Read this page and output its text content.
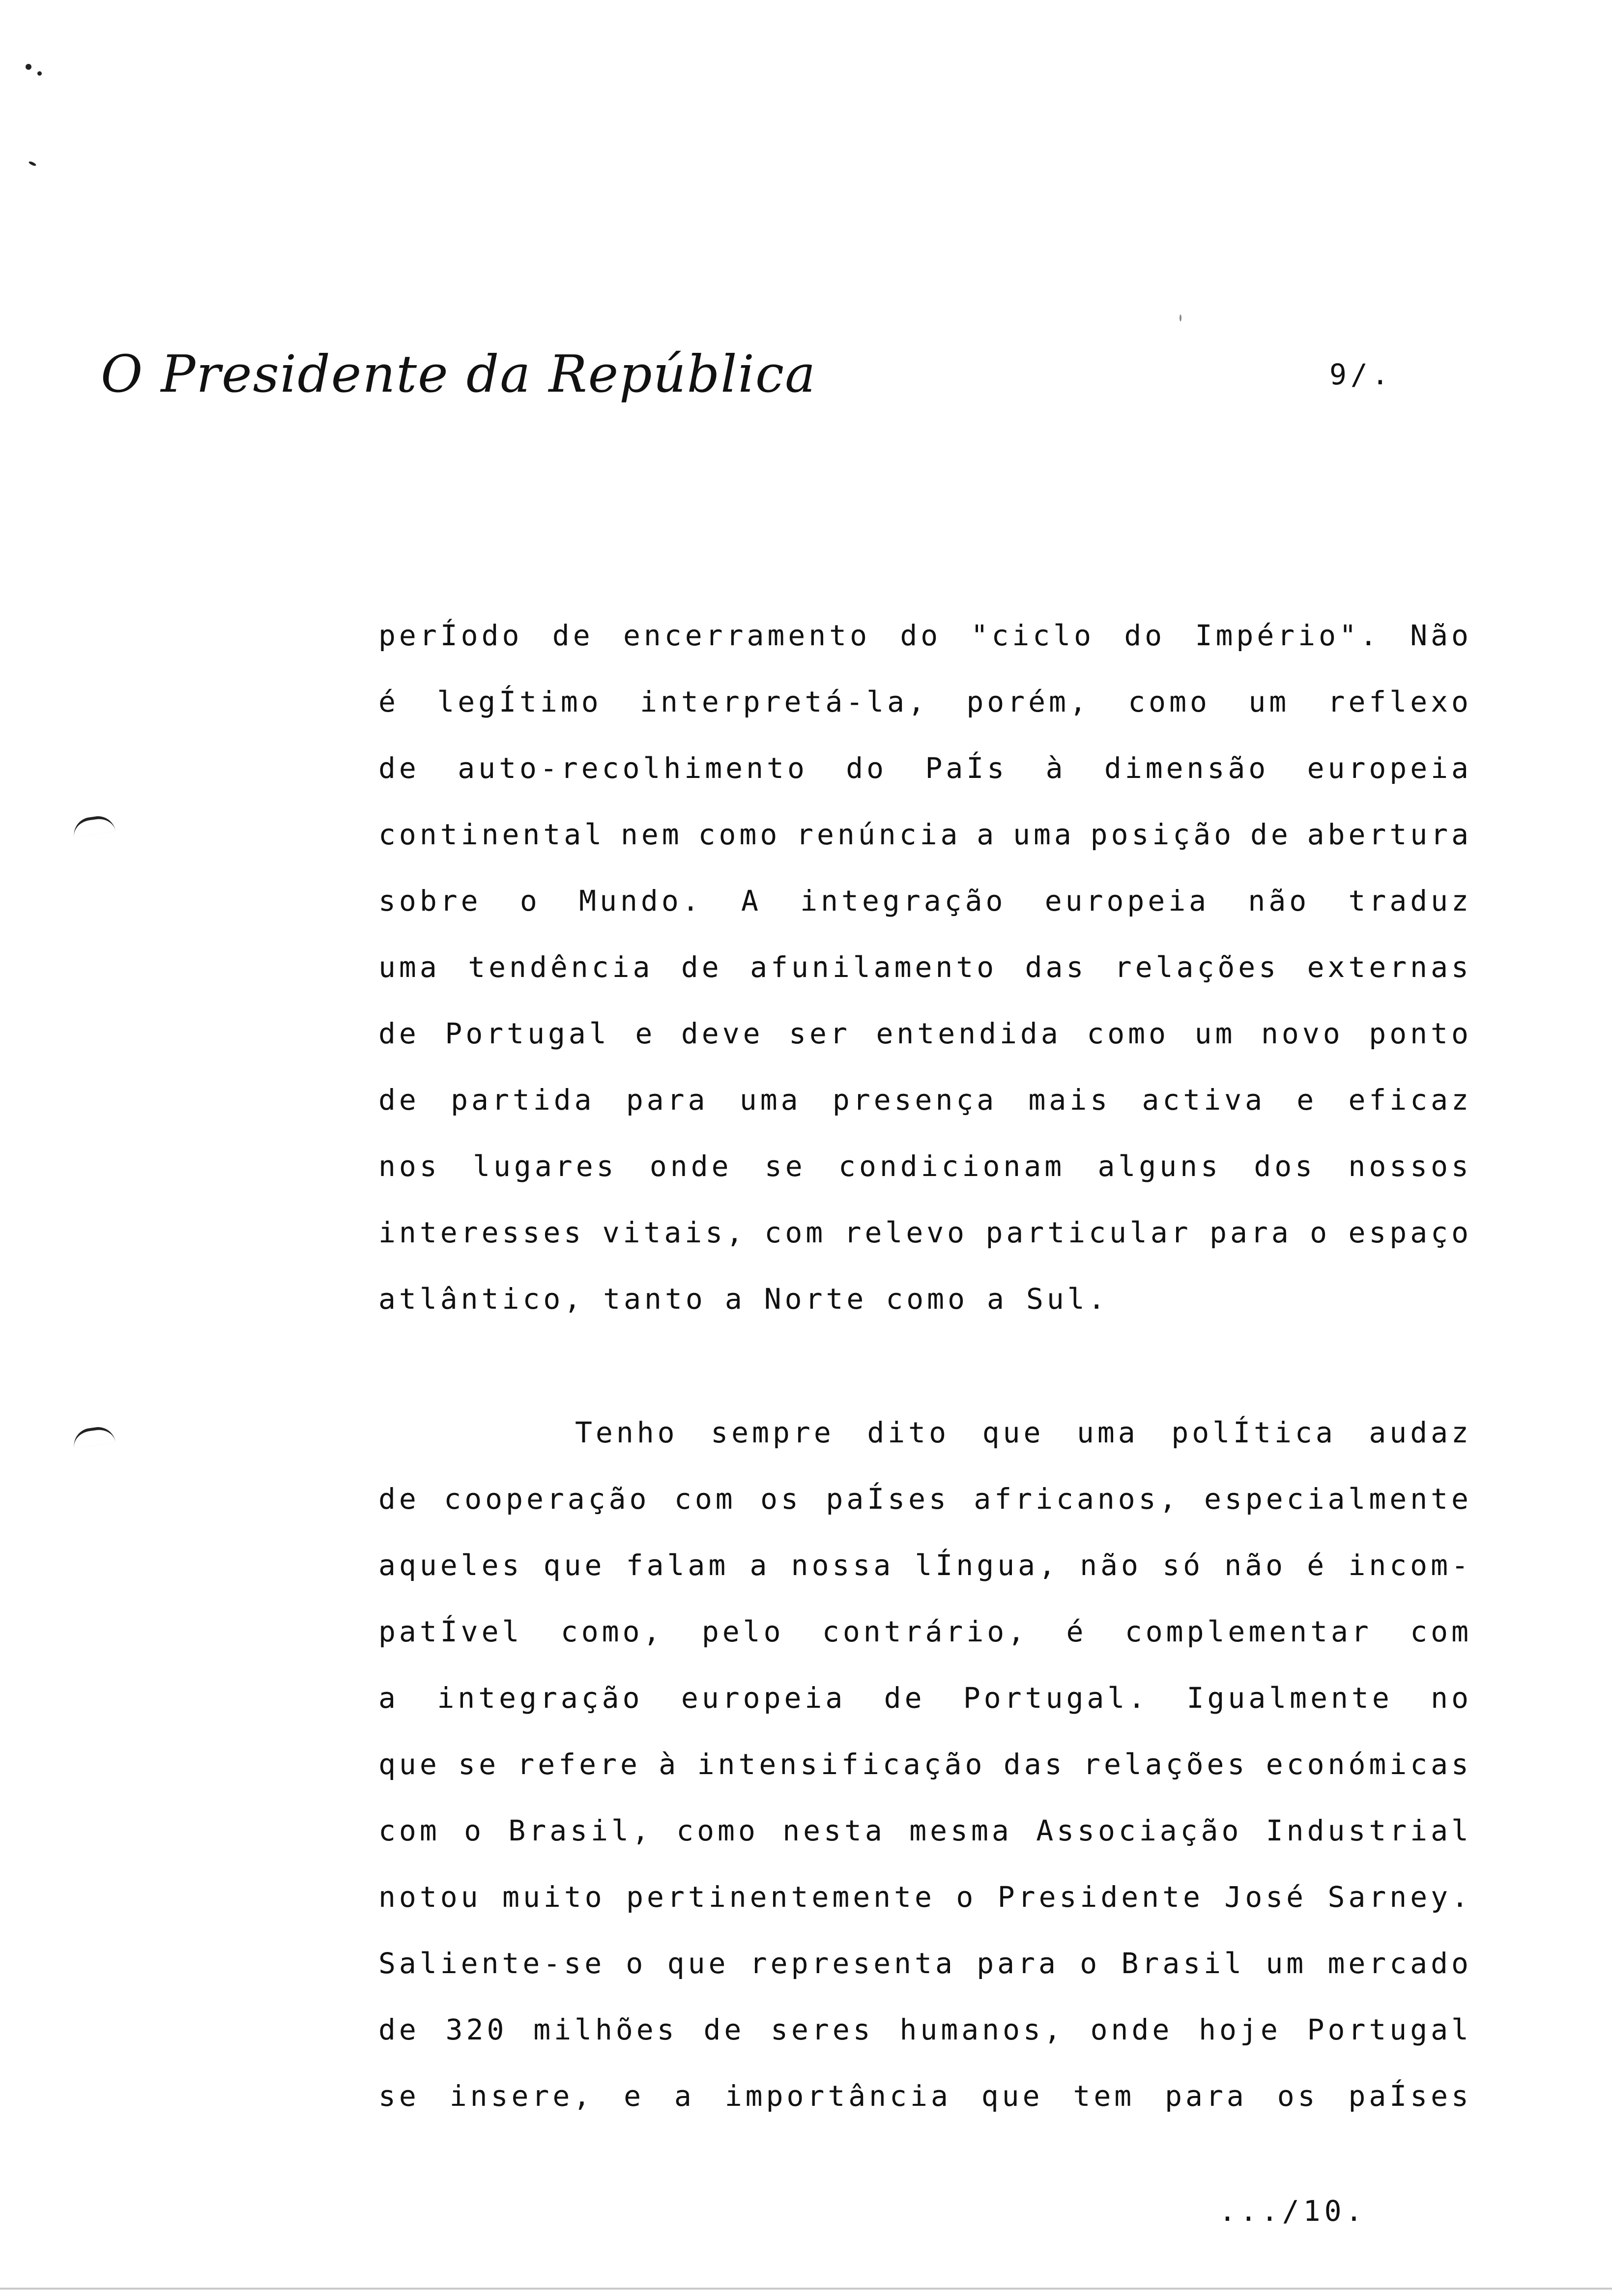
O Presidente da República	9/.
perÍodo de encerramento do "ciclo do Império". Não
é legÍtimo interpretá-la, porém, como um reflexo
de auto-recolhimento do PaÍs à dimensão europeia
continental nem como renúncia a uma posição de abertura
sobre o Mundo. A integração europeia não traduz
uma tendência de afunilamento das relações externas
de Portugal e deve ser entendida como um novo ponto
de partida para uma presença mais activa e eficaz
nos lugares onde se condicionam alguns dos nossos
interesses vitais, com relevo particular para o espaço
atlântico, tanto a Norte como a Sul.
Tenho sempre dito que uma polÍtica audaz
de cooperação com os paÍses africanos, especialmente
aqueles que falam a nossa lÍngua, não só não é incom-
patÍvel como, pelo contrário, é complementar com
a integração europeia de Portugal. Igualmente no
que se refere à intensificação das relações económicas
com o Brasil, como nesta mesma Associação Industrial
notou muito pertinentemente o Presidente José Sarney.
Saliente-se o que representa para o Brasil um mercado
de 320 milhões de seres humanos, onde hoje Portugal
se insere, e a importância que tem para os paÍses
.../10.
